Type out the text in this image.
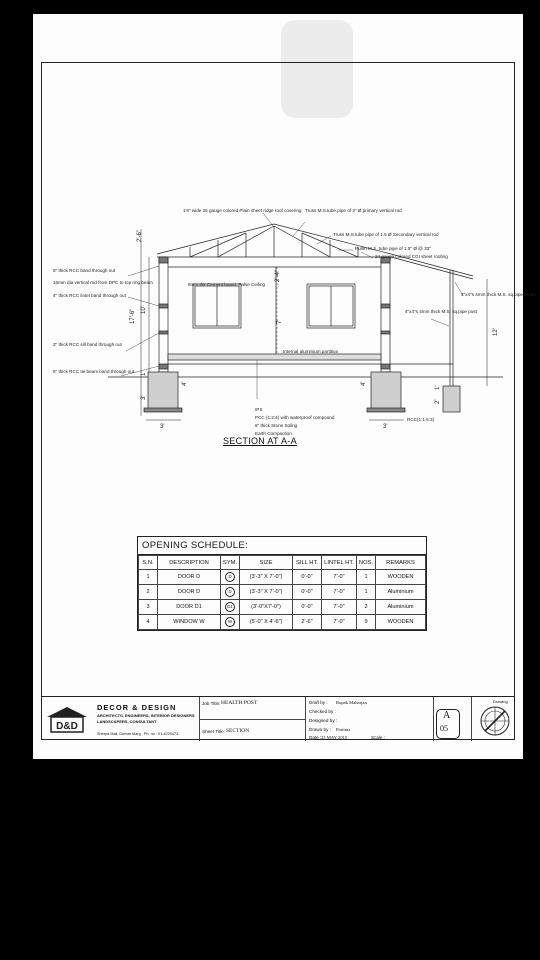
1'6" wide 26 gauge colored Plain sheet ridge roof covering Truss M.S.tube pipe of 2" Ø primary vertical rod
Truss M.S.tube pipe of 1.5 Ø Secondary vertical rod
Purlin M.S. tube pipe of 1.5" Ø @ 33"
24 gauge colored CGI sheet roofing
6" thick RCC band through out
16mm dia vertical rod from DPC to top ring beam
4" thick RCC lintel band through out
6mm thk Cement board, False Ceiling
4"x4"s 4mm thick M.S. sq.pipe post
4"x4"s 4mm thick M.S. sq.pipe beam
3" thick RCC sill band through out
Internal aluminium partition
6" thick RCC tie beam band through out
IPS
PCC (1:2:4) with waterproof compound
6" thick Stone Soling
Earth Compaction
RCC(1:1.5:3)
2'-6"
10'
17'-6"
1'
3'
2'-4"
7'
4'	4'
12'
2'
1'
3'	3'
SECTION AT A-A
OPENING SCHEDULE:
S.N.	DESCRIPTION	SYM.	SIZE	SILL HT.	LINTEL HT.	NOS.	REMARKS
1	DOOR D	D	(3'-3" X 7'-0")	0'-0"	7'-0"	1	WOODEN
2	DOOR D	D	(3'-3" X 7'-0")	0'-0"	7'-0"	1	Aluminium
3	DOOR D1	D1	(3'-0"X7'-0")	0'-0"	7'-0"	2	Aluminium
4	WINDOW W	W	(5'-0" X 4'-6")	2'-6"	7'-0"	9	WOODEN
D&D
DECOR & DESIGN
ARCHITECTS, ENGINEERS, INTERIOR DESIGNERS
LANDSCAPERS, CONSULTANT
Sherpa Mall, Durbar Marg , Ph. no : 01-4220473
Job Title: HEALTH POST
Sheet Title: SECTION
Draft by : Rupak Maharjan
Checked by :
Designed by :
Drawn by : Pratima
Date : 25 MAY 2015	Scale :
A
05
Drawing
